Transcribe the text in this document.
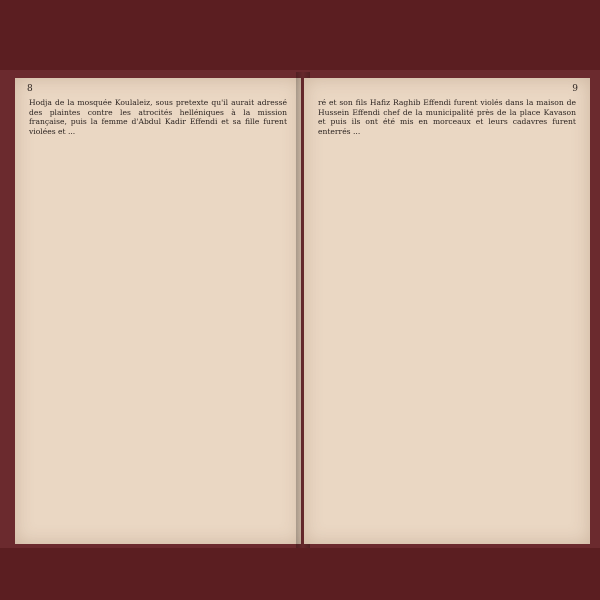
8

Hodja de la mosquée Koulaleiz, sous pretexte qu'il aurait adressé des plaintes contre les atrocités helléniques à la mission française, puis la femme d'Abdul Kadir Effendi et sa fille furent violées et ...

9

ré et son fils Hafiz Raghib Effendi furent violés dans la maison de Hussein Effendi chef de la municipalité près de la place Kavason et puis ils ont été mis en morceaux et leurs cadavres furent enterrés ...
